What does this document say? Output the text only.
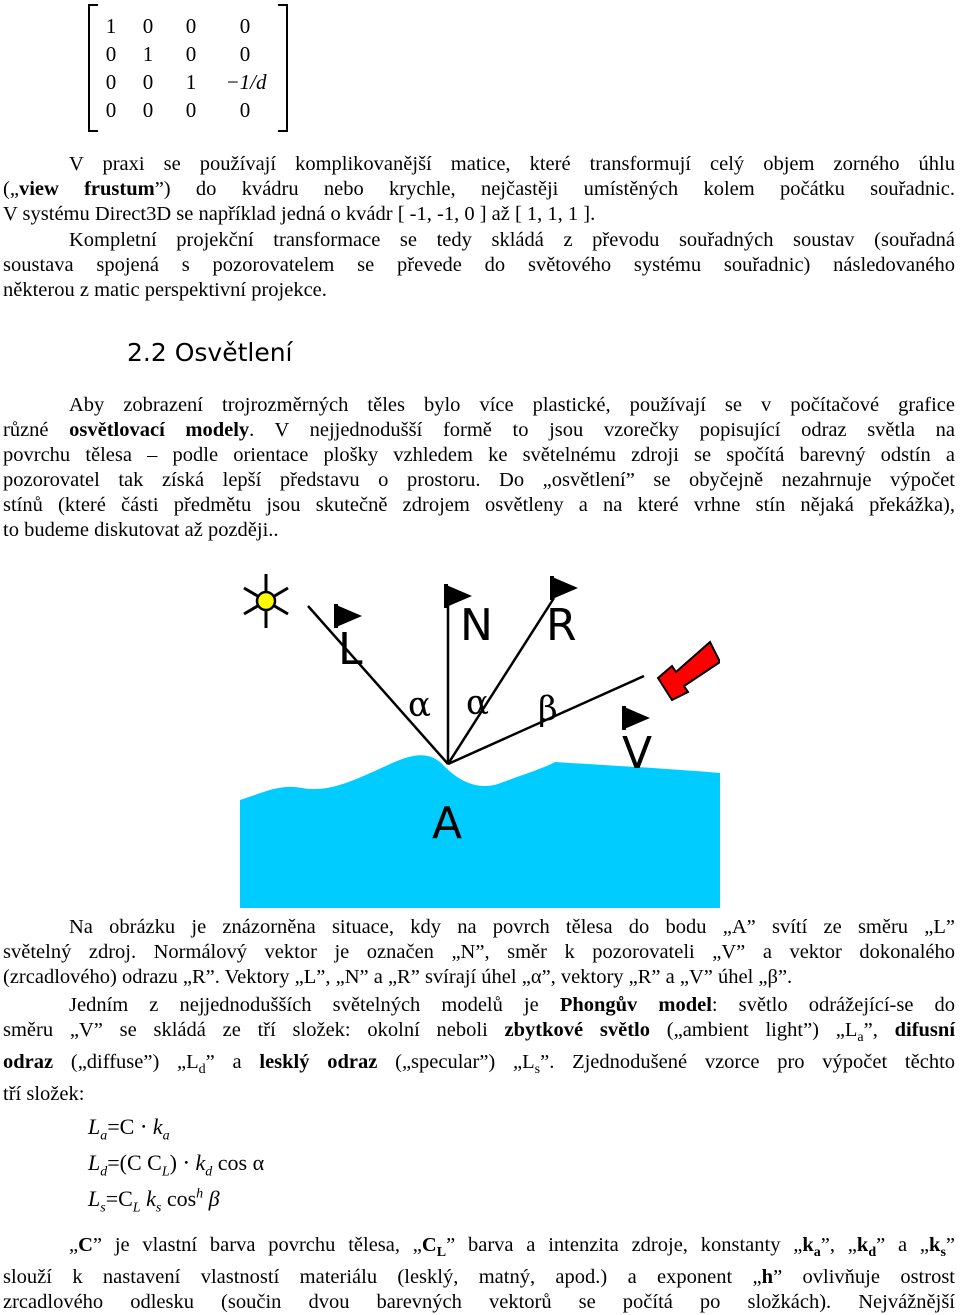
1	0	0	0
0	1	0	0
0	0	1	−1/d
0	0	0	0
V praxi se používají komplikovanější matice, které transformují celý objem zorného úhlu
(„view frustum”) do kvádru nebo krychle, nejčastěji umístěných kolem počátku souřadnic.
V systému Direct3D se například jedná o kvádr [ -1, -1, 0 ] až [ 1, 1, 1 ].
Kompletní projekční transformace se tedy skládá z převodu souřadných soustav (souřadná
soustava spojená s pozorovatelem se převede do světového systému souřadnic) následovaného
některou z matic perspektivní projekce.
2.2 Osvětlení
Aby zobrazení trojrozměrných těles bylo více plastické, používají se v počítačové grafice
různé osvětlovací modely. V nejjednodušší formě to jsou vzorečky popisující odraz světla na
povrchu tělesa – podle orientace plošky vzhledem ke světelnému zdroji se spočítá barevný odstín a
pozorovatel tak získá lepší představu o prostoru. Do „osvětlení” se obyčejně nezahrnuje výpočet
stínů (které části předmětu jsou skutečně zdrojem osvětleny a na které vrhne stín nějaká překážka),
to budeme diskutovat až později..
L N R
V
A
α α β
Na obrázku je znázorněna situace, kdy na povrch tělesa do bodu „A” svítí ze směru „L”
světelný zdroj. Normálový vektor je označen „N”, směr k pozorovateli „V” a vektor dokonalého
(zrcadlového) odrazu „R”. Vektory „L”, „N” a „R” svírají úhel „α”, vektory „R” a „V” úhel „β”.
Jedním z nejjednodušších světelných modelů je Phongův model: světlo odrážející-se do
směru „V” se skládá ze tří složek: okolní neboli zbytkové světlo („ambient light”) $„L_a$”, difusní
odraz („diffuse”) $„L_d$” a lesklý odraz („specular”) $„L_s$”. Zjednodušené vzorce pro výpočet těchto
tří složek:
$L_a=C \cdot k_a$
$L_d=(C$ $C_L) \cdot k_d$ cos α
$L_s=C_L$ $k_s$ $\cos^h \beta$
„C” je vlastní barva povrchu tělesa, $„C_L$” barva a intenzita zdroje, konstanty $„k_a$”, $„k_d$” a $„k_s$”
slouží k nastavení vlastností materiálu (lesklý, matný, apod.) a exponent „h” ovlivňuje ostrost
zrcadlového odlesku (součin dvou barevných vektorů se počítá po složkách). Nejvážnější
